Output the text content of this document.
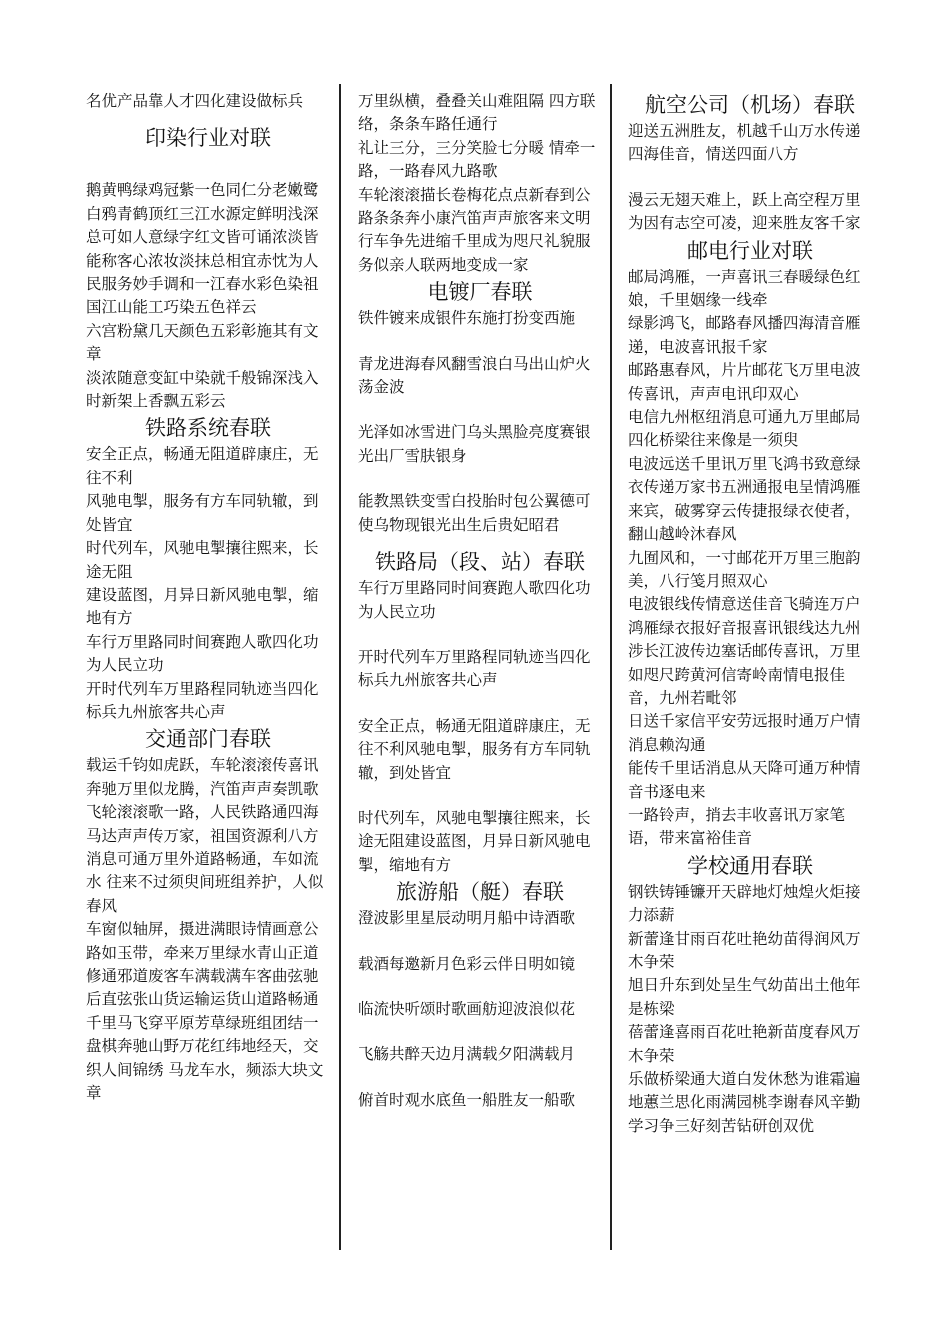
名优产品靠人才四化建设做标兵

印染行业对联

鹅黄鸭绿鸡冠紫一色同仁分老嫩鹭白鸦青鹤顶红三江水源定鲜明浅深总可如人意绿字红文皆可诵浓淡皆能称客心浓妆淡抹总相宜赤忱为人民服务妙手调和一江春水彩色染祖国江山能工巧染五色祥云

六宫粉黛几天颜色五彩彰施其有文章

淡浓随意变缸中染就千般锦深浅入时新架上香飘五彩云

铁路系统春联

安全正点，畅通无阻道辟康庄，无往不利

风驰电掣，服务有方车同轨辙，到处皆宜

时代列车，风驰电掣攘往熙来，长途无阻

建设蓝图，月异日新风驰电掣，缩地有方

车行万里路同时间赛跑人歌四化功为人民立功

开时代列车万里路程同轨迹当四化标兵九州旅客共心声

交通部门春联

载运千钧如虎跃，车轮滚滚传喜讯 奔驰万里似龙腾，汽笛声声奏凯歌

飞轮滚滚歌一路，人民铁路通四海 马达声声传万家，祖国资源利八方

消息可通万里外道路畅通，车如流水 往来不过须臾间班组养护，人似春风

车窗似轴屏，摄进满眼诗情画意公路如玉带，牵来万里绿水青山正道修通邪道废客车满载满车客曲弦驰后直弦张山货运输运货山道路畅通千里马飞穿平原芳草绿班组团结一盘棋奔驰山野万花红纬地经天，交织人间锦绣 马龙车水，频添大块文章

万里纵横，叠叠关山难阻隔 四方联络，条条车路任通行

礼让三分，三分笑脸七分暖 情牵一路，一路春风九路歌

车轮滚滚描长卷梅花点点新春到公路条条奔小康汽笛声声旅客来文明行车争先进缩千里成为咫尺礼貌服务似亲人联两地变成一家

电镀厂春联

铁件镀来成银件东施打扮变西施

青龙进海春风翻雪浪白马出山炉火荡金波

光泽如冰雪进门乌头黑脸亮度赛银光出厂雪肤银身

能教黑铁变雪白投胎时包公翼德可使乌物现银光出生后贵妃昭君

铁路局（段、站）春联

车行万里路同时间赛跑人歌四化功为人民立功

开时代列车万里路程同轨迹当四化标兵九州旅客共心声

安全正点，畅通无阻道辟康庄，无往不利风驰电掣，服务有方车同轨辙，到处皆宜

时代列车，风驰电掣攘往熙来，长途无阻建设蓝图，月异日新风驰电掣，缩地有方

旅游船（艇）春联

澄波影里星辰动明月船中诗酒歌

载酒每邀新月色彩云伴日明如镜

临流快听颂时歌画舫迎波浪似花

飞觞共醉天边月满载夕阳满载月

俯首时观水底鱼一船胜友一船歌

航空公司（机场）春联

迎送五洲胜友，机越千山万水传递四海佳音，情送四面八方

漫云无翅天难上，跃上高空程万里为因有志空可凌，迎来胜友客千家

邮电行业对联

邮局鸿雁，一声喜讯三春暖绿色红娘，千里姻缘一线牵

绿影鸿飞，邮路春风播四海清音雁递，电波喜讯报千家

邮路惠春风，片片邮花飞万里电波传喜讯，声声电讯印双心

电信九州枢纽消息可通九万里邮局四化桥梁往来像是一须臾

电波远送千里讯万里飞鸿书致意绿衣传递万家书五洲通报电呈情鸿雁来宾，破雾穿云传捷报绿衣使者，翻山越岭沐春风

九囿风和，一寸邮花开万里三胞韵美，八行笺月照双心

电波银线传情意送佳音飞骑连万户鸿雁绿衣报好音报喜讯银线达九州

涉长江波传边塞话邮传喜讯，万里如咫尺跨黄河信寄岭南情电报佳音，九州若毗邻

日送千家信平安劳远报时通万户情消息赖沟通

能传千里话消息从天降可通万种情音书逐电来

一路铃声，捎去丰收喜讯万家笔语，带来富裕佳音

学校通用春联

钢铁铸锤镰开天辟地灯烛煌火炬接力添薪

新蕾逢甘雨百花吐艳幼苗得润风万木争荣

旭日升东到处呈生气幼苗出土他年是栋梁

蓓蕾逢喜雨百花吐艳新苗度春风万木争荣

乐做桥梁通大道白发休愁为谁霜遍地蕙兰思化雨满园桃李谢春风辛勤学习争三好刻苦钻研创双优
